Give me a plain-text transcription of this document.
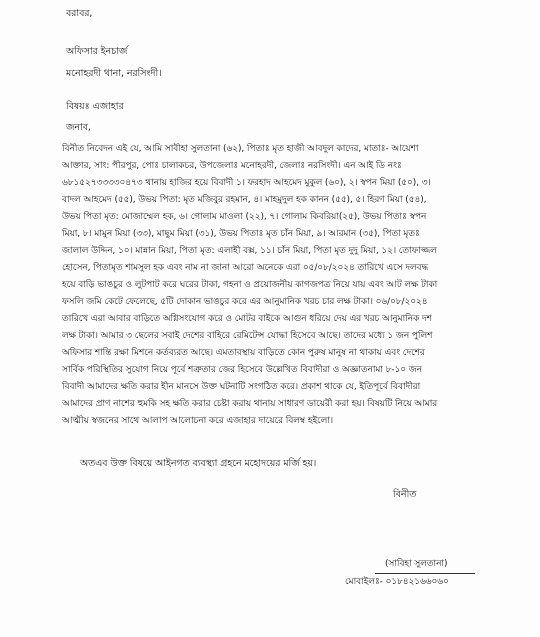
বরাবর,
অফিসার ইনচার্জ
মনোহরদী থানা, নরসিংদী।
বিষয়ঃ এজাহার
জনাব,
বিনীত নিবেদন এই যে, আমি সাবীহা সুলতানা (৬২), পিতাঃ মৃত হাজী আবদুল কাদের, মাতাঃ- আয়েশা
আক্তার, সাং: পীরপুর, পোঃ চালাকচর, উপজেলাঃ মনোহরদী, জেলাঃ নরসিংদী। এন আই ডি নংঃ
৬৮১৫২৭৩৩৩৩০৪৭৩ থানায় হাজির হয়ে বিবাদী ১। ফরহাদ আহমেদ মুকুল (৬০), ২। স্বপন মিয়া (৫০), ৩।
বাদল আহমেদ (৫৫), উভয় পিতা: মৃত মজিবুর রহমান, ৪। মাহমুদুল হক কানন (৫৫), ৫। হিরণ মিয়া (৫৪),
উভয় পিতা মৃত: মোজাম্মেল হক, ৬। গোলাম মাওলা (২২), ৭। গোলাম কিবরিয়া(২৫), উভয় পিতাঃ স্বপন
মিয়া, ৮। মামুন মিয়া (৩৩), মাছুম মিয়া (৩১), উভয় পিতাঃ মৃত চাঁন মিয়া, ৯। আরমান (৩৫), পিতা মৃতঃ
জালাল উদ্দিন, ১০। মান্নান মিয়া, পিতা মৃত: এলাহী বক্স, ১১। চাঁন মিয়া, পিতা মৃত দুদু মিয়া, ১২। তোফাজ্জল
হোসেন, পিতামৃত শামসুল হক এবং নাম না জানা আরো অনেকে এরা ০৫/০৮/২০২৪ তারিখে এসে দলবদ্ধ
হয়ে বাড়ি ভাঙচুর ও লুটপাট করে ঘরের টাকা, গহনা ও প্রয়োজনীয় কাগজপত্র নিয়ে যায় এবং আট লক্ষ টাকা
ফসলি জমি কেটে ফেলেছে, ৫টি দোকান ভাঙচুর করে এর আনুমানিক খরচ চার লক্ষ টাকা। ০৬/০৮/২০২৪
তারিখে এরা আবার বাড়িতে অগ্নিসংযোগ করে ও মোটর বাইকে আগুন ধরিয়ে দেয় এর খরচ আনুমানিক দশ
লক্ষ টাকা। আমার ৩ ছেলের সবাই দেশের বাহিরে রেমিটেন্স যোদ্ধা হিসেবে আছে। তাদের মধ্যে ১ জন পুলিশ
অফিসার শান্তি রক্ষা মিশনে কর্তব্যরত আছে। এমতাবস্থায় বাড়িতে কোন পুরুষ মানুষ না থাকায় এবং দেশের
সার্বিক পরিস্থিতির সুযোগ নিয়ে পূর্বে শত্রুতার জের হিসেবে উল্লেখিত বিবাদীরা ও অজ্ঞাতনামা ৮-১০ জন
বিবাদী আমাদের ক্ষতি করার হীন মানসে উক্ত ঘটনাটি সংগঠিত করে। প্রকাশ থাকে যে, ইতিপূর্বে বিবাদীরা
আমাদের প্রাণ নাশের হুমকি সহ ক্ষতি করার চেষ্টা করায় থানায় সাধারণ ডায়েরী করা হয়। বিষয়টি নিয়ে আমার
আত্মীয় স্বজনের সাথে আলাপ আলোচনা করে এজাহার দায়েরে বিলম্ব হইলো।
অতএব উক্ত বিষয়ে আইনগত ব্যবস্থ্যা গ্রহনে মহোদয়ের মর্জি হয়।
বিনীত
(সাবিহা সুলতানা)
মোবাইলঃ- ০১৮৪২১৬৬০৬০
